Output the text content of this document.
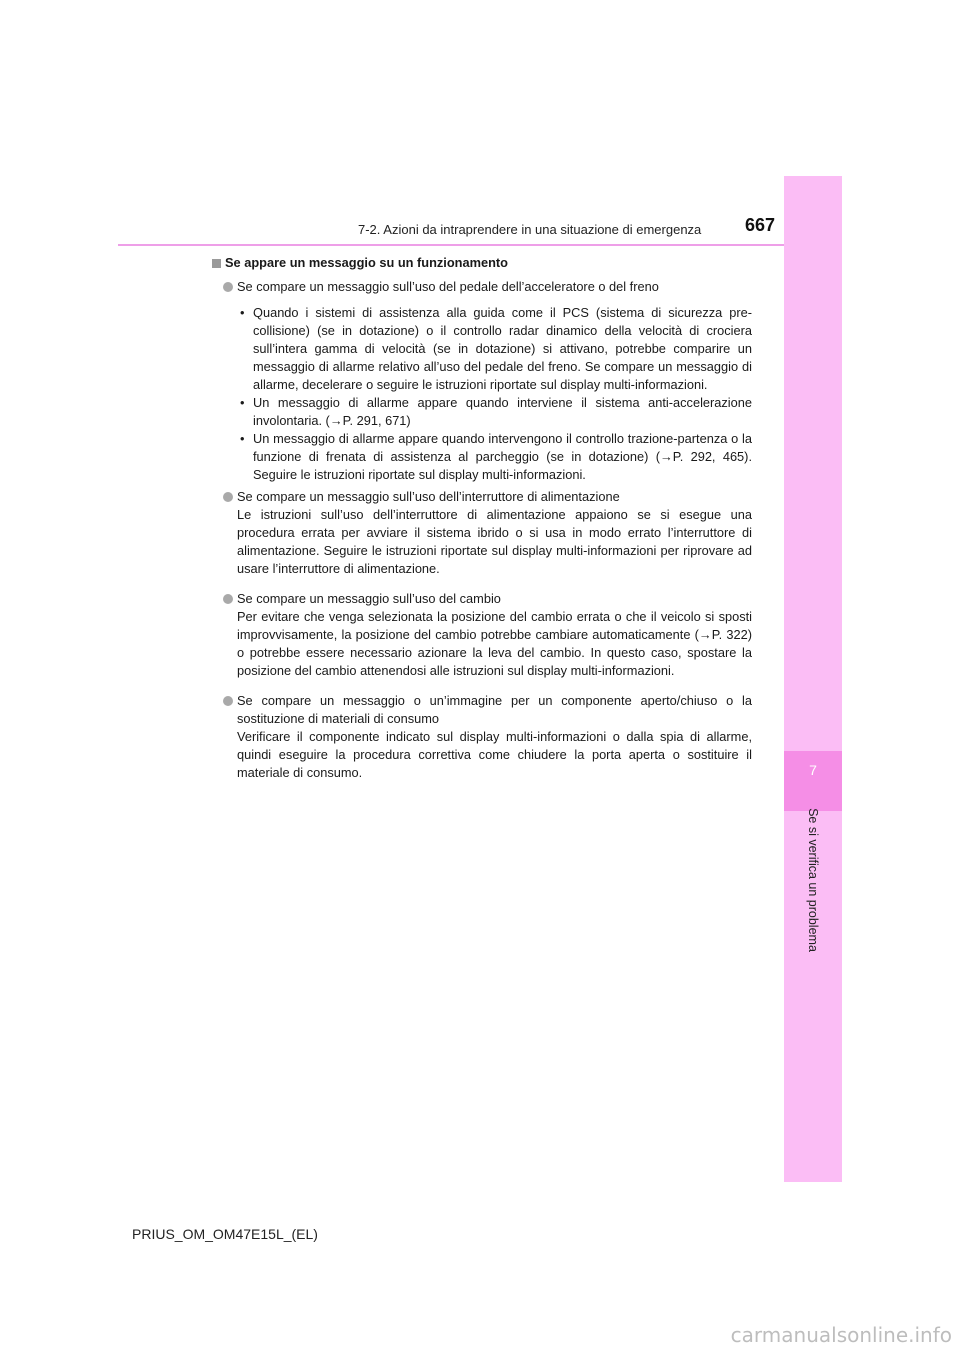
7
Se si verifica un problema
7-2. Azioni da intraprendere in una situazione di emergenza 667
Se appare un messaggio su un funzionamento
Se compare un messaggio sull’uso del pedale dell’acceleratore o del freno
• Quando i sistemi di assistenza alla guida come il PCS (sistema di sicurezza pre-collisione) (se in dotazione) o il controllo radar dinamico della velocità di crociera sull’intera gamma di velocità (se in dotazione) si attivano, potrebbe comparire un messaggio di allarme relativo all’uso del pedale del freno. Se compare un messaggio di allarme, decelerare o seguire le istruzioni riportate sul display multi-informazioni.
• Un messaggio di allarme appare quando interviene il sistema anti-accelerazione involontaria. (→P. 291, 671)
• Un messaggio di allarme appare quando intervengono il controllo trazione-partenza o la funzione di frenata di assistenza al parcheggio (se in dotazione) (→P. 292, 465). Seguire le istruzioni riportate sul display multi-informazioni.
Se compare un messaggio sull’uso dell’interruttore di alimentazione
Le istruzioni sull’uso dell’interruttore di alimentazione appaiono se si esegue una procedura errata per avviare il sistema ibrido o si usa in modo errato l’interruttore di alimentazione. Seguire le istruzioni riportate sul display multi-informazioni per riprovare ad usare l’interruttore di alimentazione.
Se compare un messaggio sull’uso del cambio
Per evitare che venga selezionata la posizione del cambio errata o che il veicolo si sposti improvvisamente, la posizione del cambio potrebbe cambiare automaticamente (→P. 322) o potrebbe essere necessario azionare la leva del cambio. In questo caso, spostare la posizione del cambio attenendosi alle istruzioni sul display multi-informazioni.
Se compare un messaggio o un’immagine per un componente aperto/chiuso o la sostituzione di materiali di consumo
Verificare il componente indicato sul display multi-informazioni o dalla spia di allarme, quindi eseguire la procedura correttiva come chiudere la porta aperta o sostituire il materiale di consumo.
PRIUS_OM_OM47E15L_(EL)
carmanualsonline.info
